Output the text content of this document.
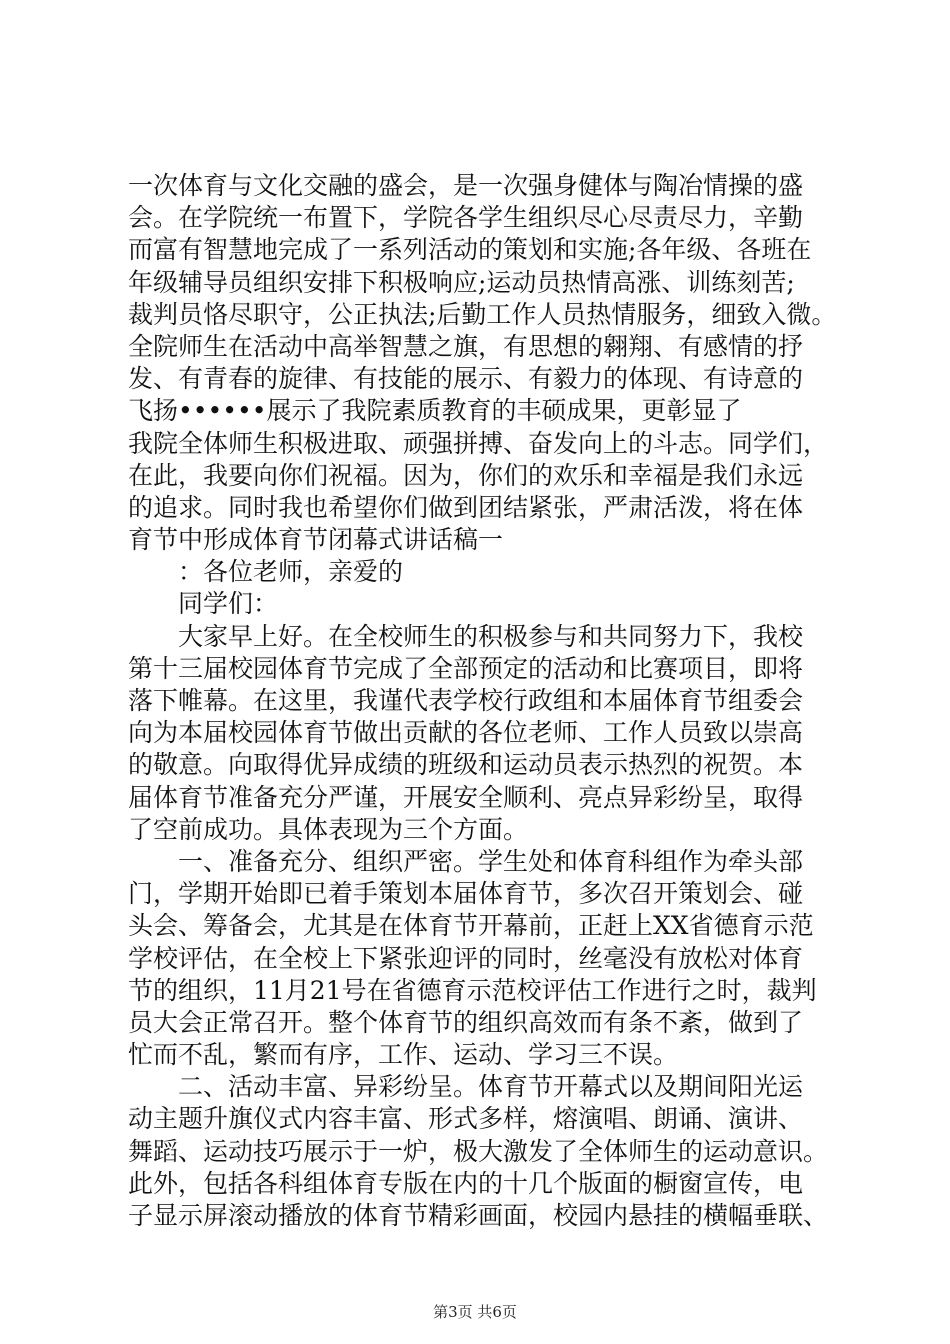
一次体育与文化交融的盛会，是一次强身健体与陶冶情操的盛
会。在学院统一布置下，学院各学生组织尽心尽责尽力，辛勤
而富有智慧地完成了一系列活动的策划和实施;各年级、各班在
年级辅导员组织安排下积极响应;运动员热情高涨、训练刻苦;
裁判员恪尽职守，公正执法;后勤工作人员热情服务，细致入微。
全院师生在活动中高举智慧之旗，有思想的翱翔、有感情的抒
发、有青春的旋律、有技能的展示、有毅力的体现、有诗意的
飞扬••••••展示了我院素质教育的丰硕成果，更彰显了
我院全体师生积极进取、顽强拼搏、奋发向上的斗志。同学们，
在此，我要向你们祝福。因为，你们的欢乐和幸福是我们永远
的追求。同时我也希望你们做到团结紧张，严肃活泼，将在体
育节中形成体育节闭幕式讲话稿一
　　：各位老师，亲爱的
　　同学们：
　　大家早上好。在全校师生的积极参与和共同努力下，我校
第十三届校园体育节完成了全部预定的活动和比赛项目，即将
落下帷幕。在这里，我谨代表学校行政组和本届体育节组委会
向为本届校园体育节做出贡献的各位老师、工作人员致以崇高
的敬意。向取得优异成绩的班级和运动员表示热烈的祝贺。本
届体育节准备充分严谨，开展安全顺利、亮点异彩纷呈，取得
了空前成功。具体表现为三个方面。
　　一、准备充分、组织严密。学生处和体育科组作为牵头部
门，学期开始即已着手策划本届体育节，多次召开策划会、碰
头会、筹备会，尤其是在体育节开幕前，正赶上XX省德育示范
学校评估，在全校上下紧张迎评的同时，丝毫没有放松对体育
节的组织，11月21号在省德育示范校评估工作进行之时，裁判
员大会正常召开。整个体育节的组织高效而有条不紊，做到了
忙而不乱，繁而有序，工作、运动、学习三不误。
　　二、活动丰富、异彩纷呈。体育节开幕式以及期间阳光运
动主题升旗仪式内容丰富、形式多样，熔演唱、朗诵、演讲、
舞蹈、运动技巧展示于一炉，极大激发了全体师生的运动意识。
此外，包括各科组体育专版在内的十几个版面的橱窗宣传，电
子显示屏滚动播放的体育节精彩画面，校园内悬挂的横幅垂联、
第3页 共6页
